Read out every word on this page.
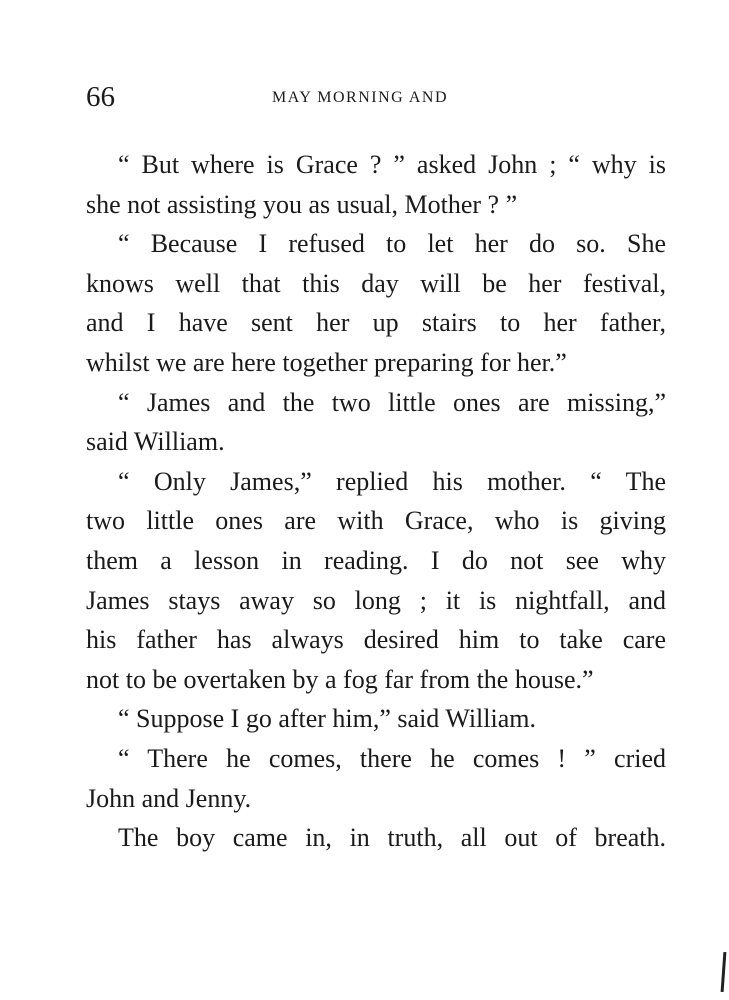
66	MAY MORNING AND
“ But where is Grace ? ” asked John ; “ why is
she not assisting you as usual, Mother ? ”
“ Because I refused to let her do so. She
knows well that this day will be her festival,
and I have sent her up stairs to her father,
whilst we are here together preparing for her.”
“ James and the two little ones are missing,”
said William.
“ Only James,” replied his mother. “ The
two little ones are with Grace, who is giving
them a lesson in reading. I do not see why
James stays away so long ; it is nightfall, and
his father has always desired him to take care
not to be overtaken by a fog far from the house.”
“ Suppose I go after him,” said William.
“ There he comes, there he comes ! ” cried
John and Jenny.
The boy came in, in truth, all out of breath.
